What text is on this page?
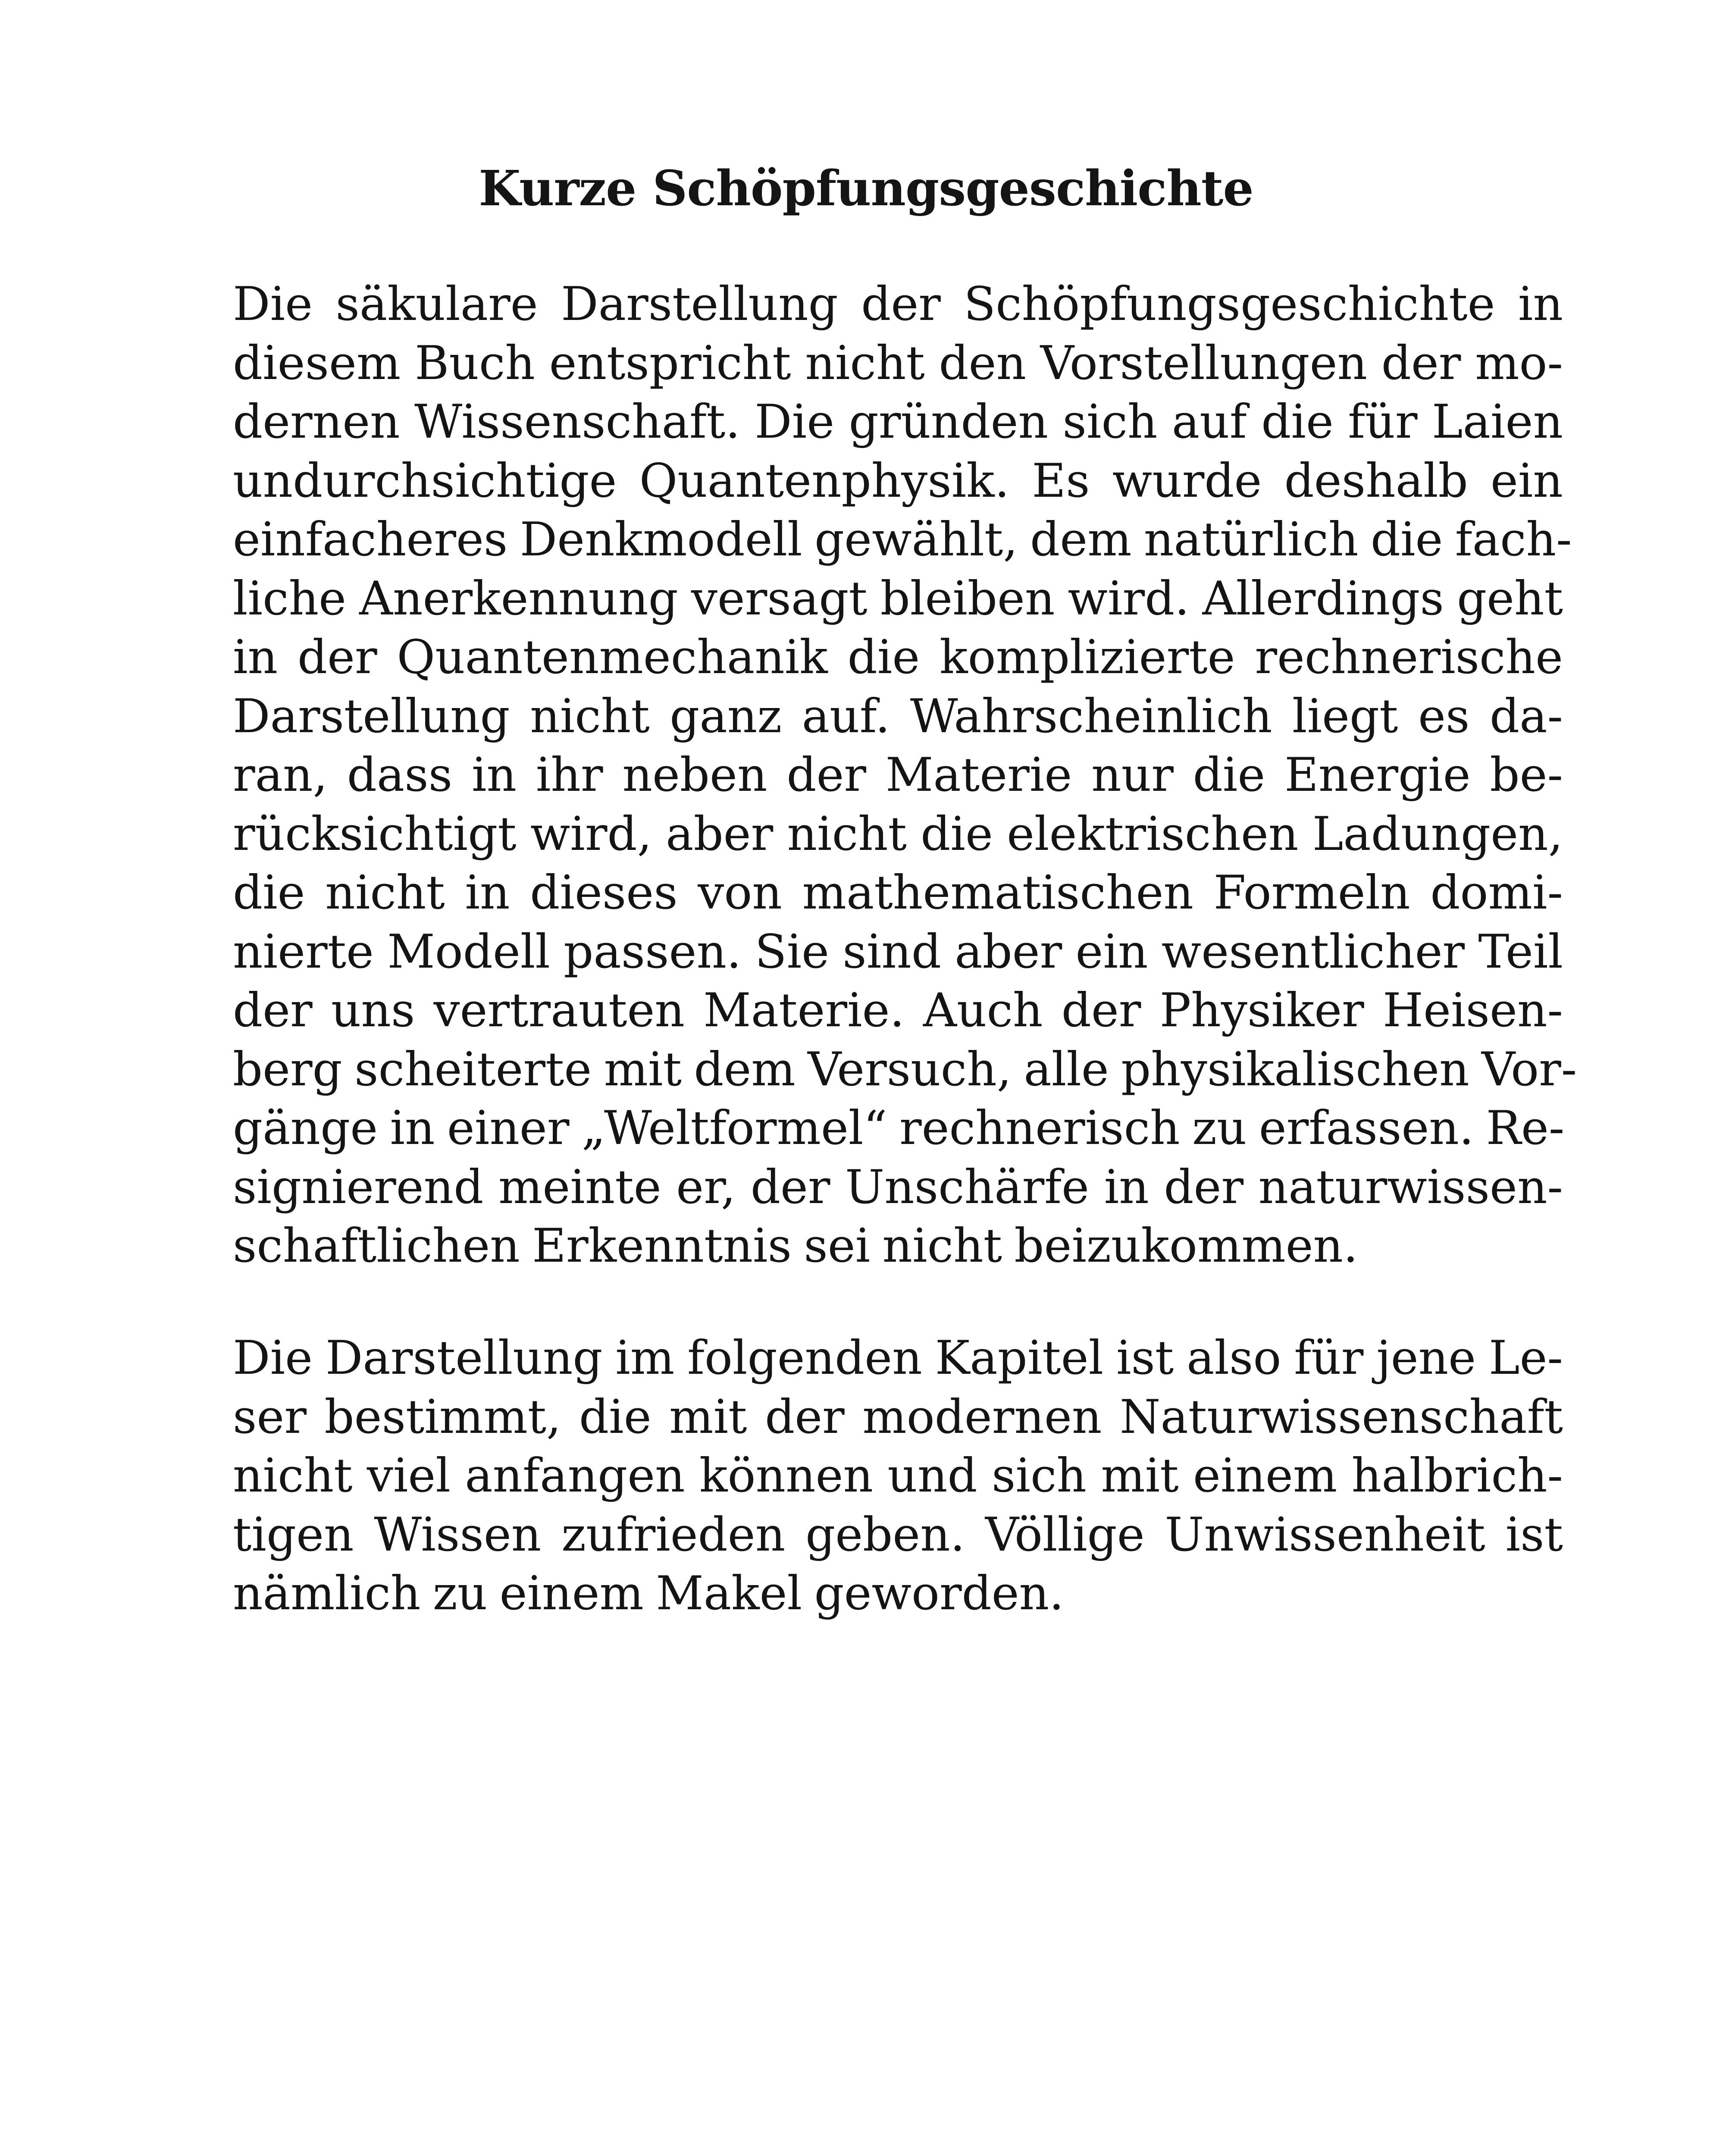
Kurze Schöpfungsgeschichte

Die säkulare Darstellung der Schöpfungsgeschichte in
diesem Buch entspricht nicht den Vorstellungen der mo-
dernen Wissenschaft. Die gründen sich auf die für Laien
undurchsichtige Quantenphysik. Es wurde deshalb ein
einfacheres Denkmodell gewählt, dem natürlich die fach-
liche Anerkennung versagt bleiben wird. Allerdings geht
in der Quantenmechanik die komplizierte rechnerische
Darstellung nicht ganz auf. Wahrscheinlich liegt es da-
ran, dass in ihr neben der Materie nur die Energie be-
rücksichtigt wird, aber nicht die elektrischen Ladungen,
die nicht in dieses von mathematischen Formeln domi-
nierte Modell passen. Sie sind aber ein wesentlicher Teil
der uns vertrauten Materie. Auch der Physiker Heisen-
berg scheiterte mit dem Versuch, alle physikalischen Vor-
gänge in einer „Weltformel“ rechnerisch zu erfassen. Re-
signierend meinte er, der Unschärfe in der naturwissen-
schaftlichen Erkenntnis sei nicht beizukommen.

Die Darstellung im folgenden Kapitel ist also für jene Le-
ser bestimmt, die mit der modernen Naturwissenschaft
nicht viel anfangen können und sich mit einem halbrich-
tigen Wissen zufrieden geben. Völlige Unwissenheit ist
nämlich zu einem Makel geworden.
